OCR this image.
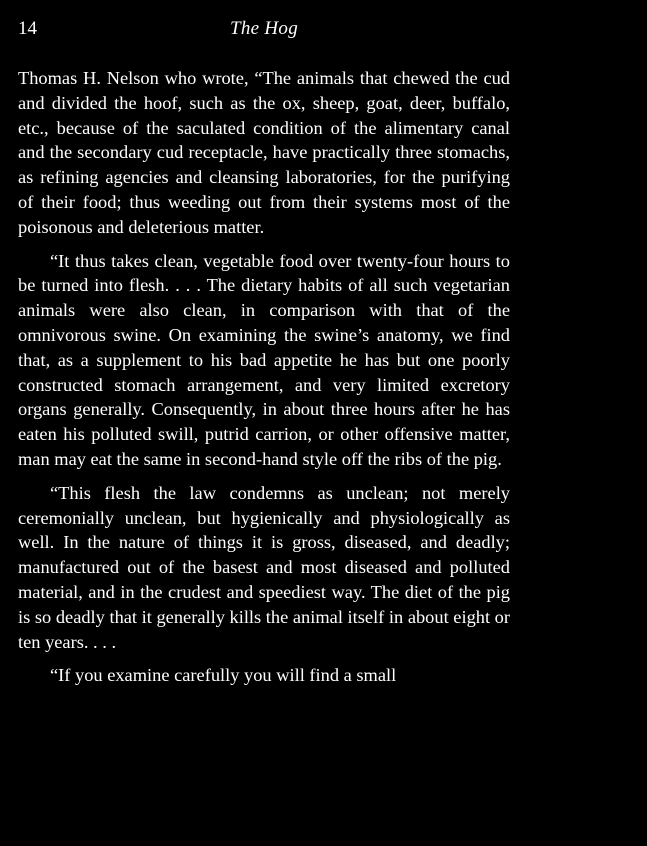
14	The Hog

Thomas H. Nelson who wrote, “The animals that chewed the cud and divided the hoof, such as the ox, sheep, goat, deer, buffalo, etc., because of the saculated condition of the alimentary canal and the secondary cud receptacle, have practically three stomachs, as refining agencies and cleansing laboratories, for the purifying of their food; thus weeding out from their systems most of the poisonous and deleterious matter.

“It thus takes clean, vegetable food over twenty-four hours to be turned into flesh. . . . The dietary habits of all such vegetarian animals were also clean, in comparison with that of the omnivorous swine. On examining the swine’s anatomy, we find that, as a supplement to his bad appetite he has but one poorly constructed stomach arrangement, and very limited excretory organs generally. Consequently, in about three hours after he has eaten his polluted swill, putrid carrion, or other offensive matter, man may eat the same in second-hand style off the ribs of the pig.

“This flesh the law condemns as unclean; not merely ceremonially unclean, but hygienically and physiologically as well. In the nature of things it is gross, diseased, and deadly; manufactured out of the basest and most diseased and polluted material, and in the crudest and speediest way. The diet of the pig is so deadly that it generally kills the animal itself in about eight or ten years. . . .

“If you examine carefully you will find a small
